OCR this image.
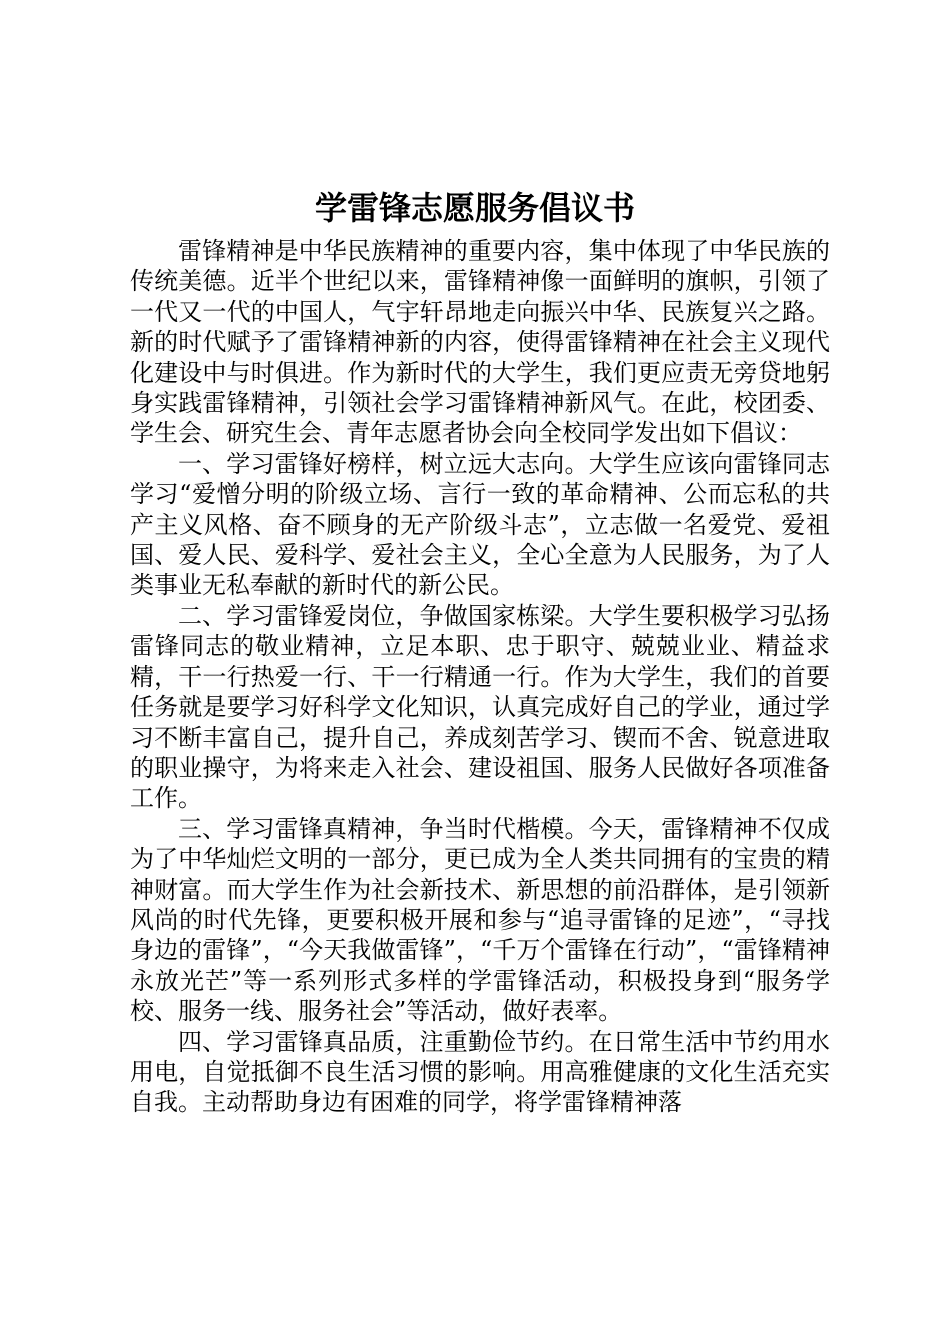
学雷锋志愿服务倡议书

雷锋精神是中华民族精神的重要内容，集中体现了中华民族的传统美德。近半个世纪以来，雷锋精神像一面鲜明的旗帜，引领了一代又一代的中国人，气宇轩昂地走向振兴中华、民族复兴之路。新的时代赋予了雷锋精神新的内容，使得雷锋精神在社会主义现代化建设中与时俱进。作为新时代的大学生，我们更应责无旁贷地躬身实践雷锋精神，引领社会学习雷锋精神新风气。在此，校团委、学生会、研究生会、青年志愿者协会向全校同学发出如下倡议：

一、学习雷锋好榜样，树立远大志向。大学生应该向雷锋同志学习“爱憎分明的阶级立场、言行一致的革命精神、公而忘私的共产主义风格、奋不顾身的无产阶级斗志”，立志做一名爱党、爱祖国、爱人民、爱科学、爱社会主义，全心全意为人民服务，为了人类事业无私奉献的新时代的新公民。

二、学习雷锋爱岗位，争做国家栋梁。大学生要积极学习弘扬雷锋同志的敬业精神，立足本职、忠于职守、兢兢业业、精益求精，干一行热爱一行、干一行精通一行。作为大学生，我们的首要任务就是要学习好科学文化知识，认真完成好自己的学业，通过学习不断丰富自己，提升自己，养成刻苦学习、锲而不舍、锐意进取的职业操守，为将来走入社会、建设祖国、服务人民做好各项准备工作。

三、学习雷锋真精神，争当时代楷模。今天，雷锋精神不仅成为了中华灿烂文明的一部分，更已成为全人类共同拥有的宝贵的精神财富。而大学生作为社会新技术、新思想的前沿群体，是引领新风尚的时代先锋，更要积极开展和参与“追寻雷锋的足迹”，“寻找身边的雷锋”，“今天我做雷锋”，“千万个雷锋在行动”，“雷锋精神永放光芒”等一系列形式多样的学雷锋活动，积极投身到“服务学校、服务一线、服务社会”等活动，做好表率。

四、学习雷锋真品质，注重勤俭节约。在日常生活中节约用水用电，自觉抵御不良生活习惯的影响。用高雅健康的文化生活充实自我。主动帮助身边有困难的同学，将学雷锋精神落
